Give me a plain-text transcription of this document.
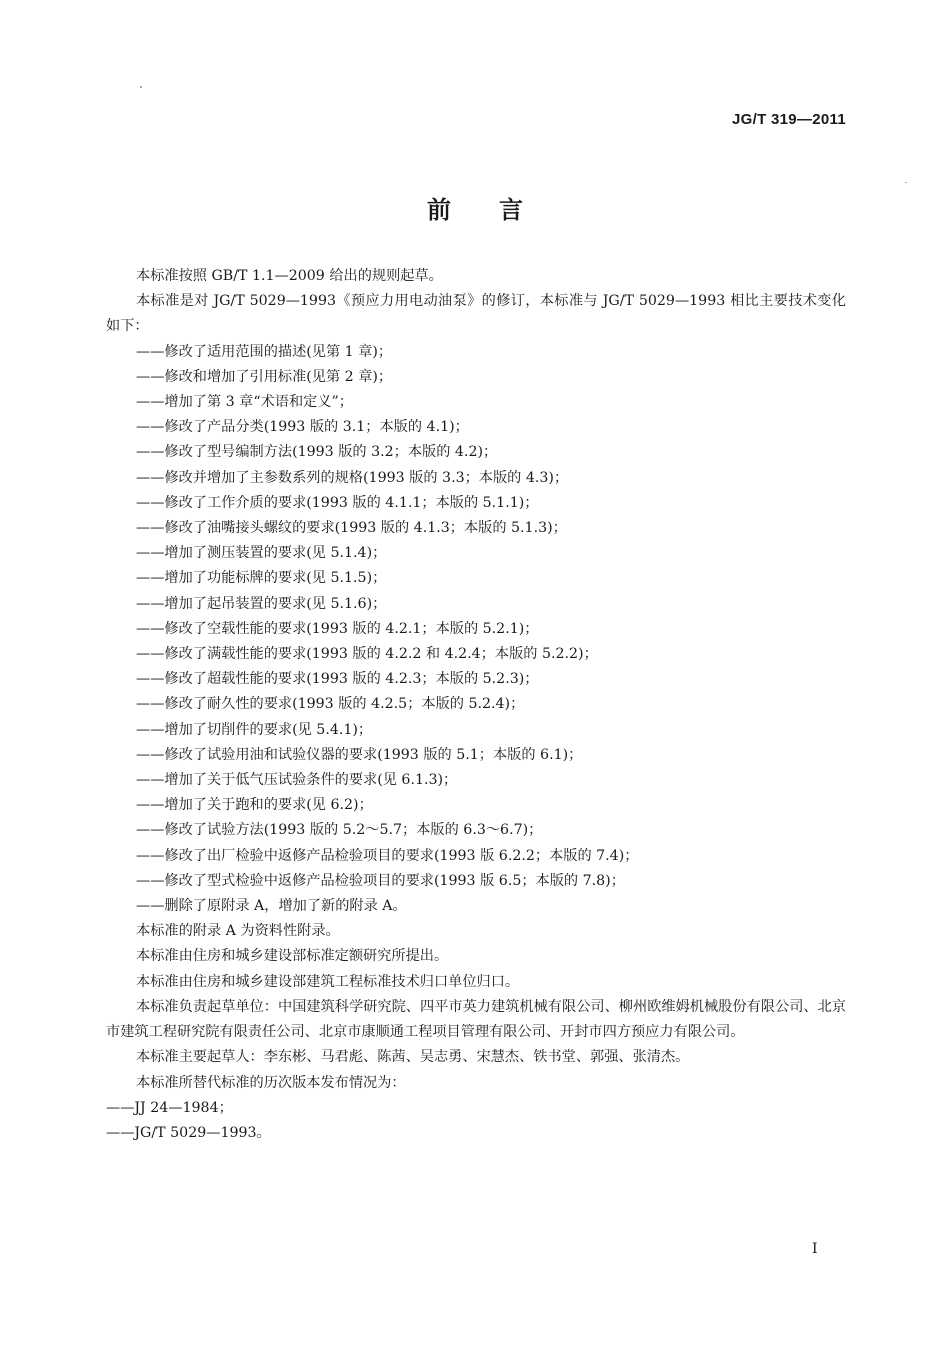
JG/T 319—2011
前言

本标准按照 GB/T 1.1—2009 给出的规则起草。

本标准是对 JG/T 5029—1993《预应力用电动油泵》的修订，本标准与 JG/T 5029—1993 相比主要技术变化如下：

——修改了适用范围的描述(见第 1 章)；

——修改和增加了引用标准(见第 2 章)；

——增加了第 3 章“术语和定义”；

——修改了产品分类(1993 版的 3.1；本版的 4.1)；

——修改了型号编制方法(1993 版的 3.2；本版的 4.2)；

——修改并增加了主参数系列的规格(1993 版的 3.3；本版的 4.3)；

——修改了工作介质的要求(1993 版的 4.1.1；本版的 5.1.1)；

——修改了油嘴接头螺纹的要求(1993 版的 4.1.3；本版的 5.1.3)；

——增加了测压装置的要求(见 5.1.4)；

——增加了功能标牌的要求(见 5.1.5)；

——增加了起吊装置的要求(见 5.1.6)；

——修改了空载性能的要求(1993 版的 4.2.1；本版的 5.2.1)；

——修改了满载性能的要求(1993 版的 4.2.2 和 4.2.4；本版的 5.2.2)；

——修改了超载性能的要求(1993 版的 4.2.3；本版的 5.2.3)；

——修改了耐久性的要求(1993 版的 4.2.5；本版的 5.2.4)；

——增加了切削件的要求(见 5.4.1)；

——修改了试验用油和试验仪器的要求(1993 版的 5.1；本版的 6.1)；

——增加了关于低气压试验条件的要求(见 6.1.3)；

——增加了关于跑和的要求(见 6.2)；

——修改了试验方法(1993 版的 5.2～5.7；本版的 6.3～6.7)；

——修改了出厂检验中返修产品检验项目的要求(1993 版 6.2.2；本版的 7.4)；

——修改了型式检验中返修产品检验项目的要求(1993 版 6.5；本版的 7.8)；

——删除了原附录 A，增加了新的附录 A。

本标准的附录 A 为资料性附录。

本标准由住房和城乡建设部标准定额研究所提出。

本标准由住房和城乡建设部建筑工程标准技术归口单位归口。

本标准负责起草单位：中国建筑科学研究院、四平市英力建筑机械有限公司、柳州欧维姆机械股份有限公司、北京市建筑工程研究院有限责任公司、北京市康顺通工程项目管理有限公司、开封市四方预应力有限公司。

本标准主要起草人：李东彬、马君彪、陈茜、吴志勇、宋慧杰、铁书堂、郭强、张清杰。

本标准所替代标准的历次版本发布情况为：

——JJ 24—1984；

——JG/T 5029—1993。

I
